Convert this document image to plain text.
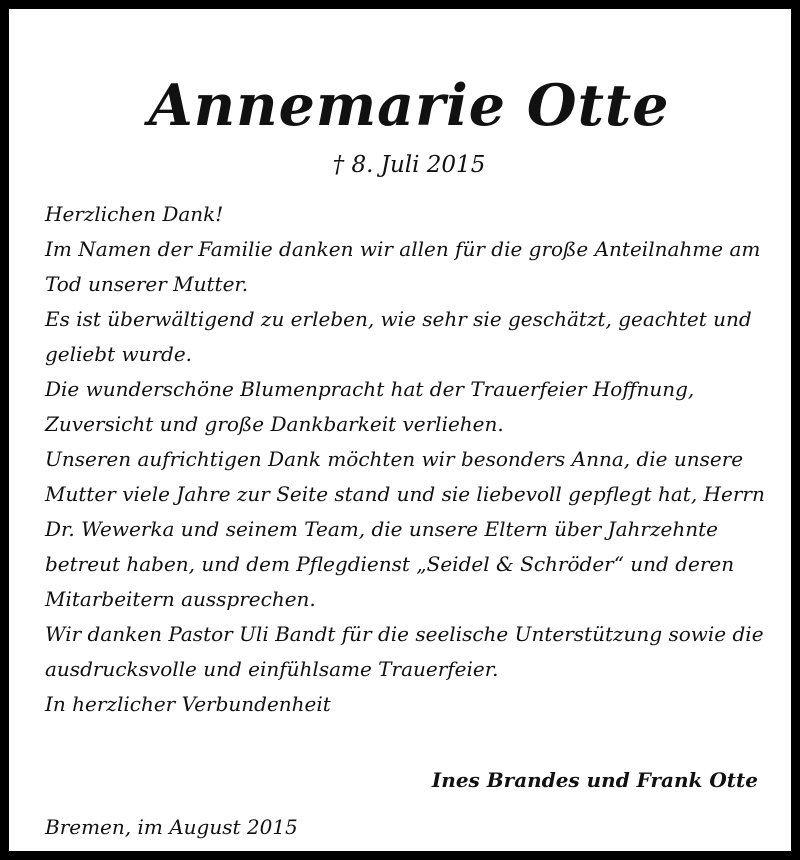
Annemarie Otte
† 8. Juli 2015

Herzlichen Dank!

Im Namen der Familie danken wir allen für die große Anteilnahme am Tod unserer Mutter.

Es ist überwältigend zu erleben, wie sehr sie geschätzt, geachtet und geliebt wurde.

Die wunderschöne Blumenpracht hat der Trauerfeier Hoffnung, Zuversicht und große Dankbarkeit verliehen.

Unseren aufrichtigen Dank möchten wir besonders Anna, die unsere Mutter viele Jahre zur Seite stand und sie liebevoll gepflegt hat, Herrn Dr. Wewerka und seinem Team, die unsere Eltern über Jahrzehnte betreut haben, und dem Pflegdienst „Seidel & Schröder“ und deren Mitarbeitern aussprechen.

Wir danken Pastor Uli Bandt für die seelische Unterstützung sowie die ausdrucksvolle und einfühlsame Trauerfeier.

In herzlicher Verbundenheit

Ines Brandes und Frank Otte
Bremen, im August 2015
